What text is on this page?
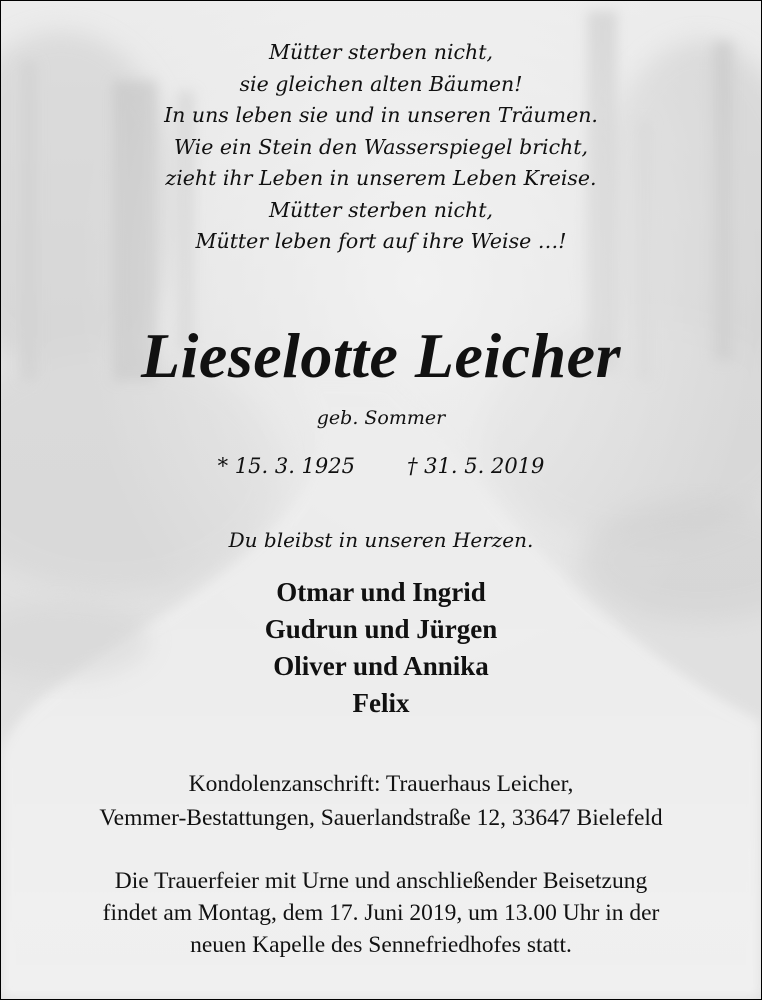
Mütter sterben nicht,
sie gleichen alten Bäumen!
In uns leben sie und in unseren Träumen.
Wie ein Stein den Wasserspiegel bricht,
zieht ihr Leben in unserem Leben Kreise.
Mütter sterben nicht,
Mütter leben fort auf ihre Weise …!
Lieselotte Leicher
geb. Sommer
* 15. 3. 1925 † 31. 5. 2019
Du bleibst in unseren Herzen.
Otmar und Ingrid
Gudrun und Jürgen
Oliver und Annika
Felix
Kondolenzanschrift: Trauerhaus Leicher,
Vemmer-Bestattungen, Sauerlandstraße 12, 33647 Bielefeld
Die Trauerfeier mit Urne und anschließender Beisetzung
findet am Montag, dem 17. Juni 2019, um 13.00 Uhr in der
neuen Kapelle des Sennefriedhofes statt.
